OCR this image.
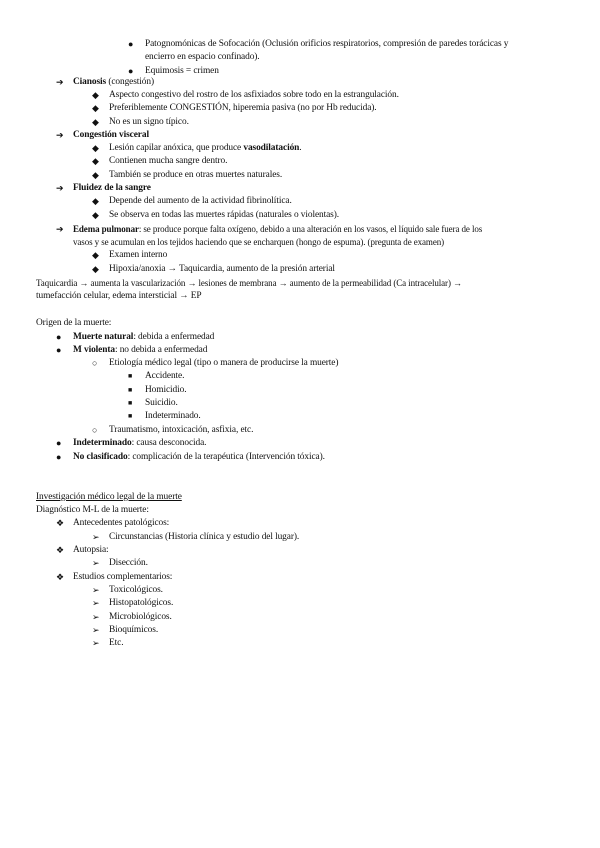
● Patognomónicas de Sofocación (Oclusión orificios respiratorios, compresión de paredes torácicas y
encierro en espacio confinado).
● Equimosis = crimen
➔ Cianosis (congestión)
◆ Aspecto congestivo del rostro de los asfixiados sobre todo en la estrangulación.
◆ Preferiblemente CONGESTIÓN, hiperemia pasiva (no por Hb reducida).
◆ No es un signo típico.
➔ Congestión visceral
◆ Lesión capilar anóxica, que produce vasodilatación.
◆ Contienen mucha sangre dentro.
◆ También se produce en otras muertes naturales.
➔ Fluidez de la sangre
◆ Depende del aumento de la actividad fibrinolítica.
◆ Se observa en todas las muertes rápidas (naturales o violentas).
➔ Edema pulmonar: se produce porque falta oxígeno, debido a una alteración en los vasos, el líquido sale fuera de los
vasos y se acumulan en los tejidos haciendo que se encharquen (hongo de espuma). (pregunta de examen)
◆ Examen interno
◆ Hipoxia/anoxia → Taquicardia, aumento de la presión arterial
Taquicardia → aumenta la vascularización → lesiones de membrana → aumento de la permeabilidad (Ca intracelular) →
tumefacción celular, edema intersticial → EP
Origen de la muerte:
● Muerte natural: debida a enfermedad
● M violenta: no debida a enfermedad
○ Etiología médico legal (tipo o manera de producirse la muerte)
■ Accidente.
■ Homicidio.
■ Suicidio.
■ Indeterminado.
○ Traumatismo, intoxicación, asfixia, etc.
● Indeterminado: causa desconocida.
● No clasificado: complicación de la terapéutica (Intervención tóxica).
Investigación médico legal de la muerte
Diagnóstico M-L de la muerte:
❖ Antecedentes patológicos:
➢ Circunstancias (Historia clínica y estudio del lugar).
❖ Autopsia:
➢ Disección.
❖ Estudios complementarios:
➢ Toxicológicos.
➢ Histopatológicos.
➢ Microbiológicos.
➢ Bioquímicos.
➢ Etc.
